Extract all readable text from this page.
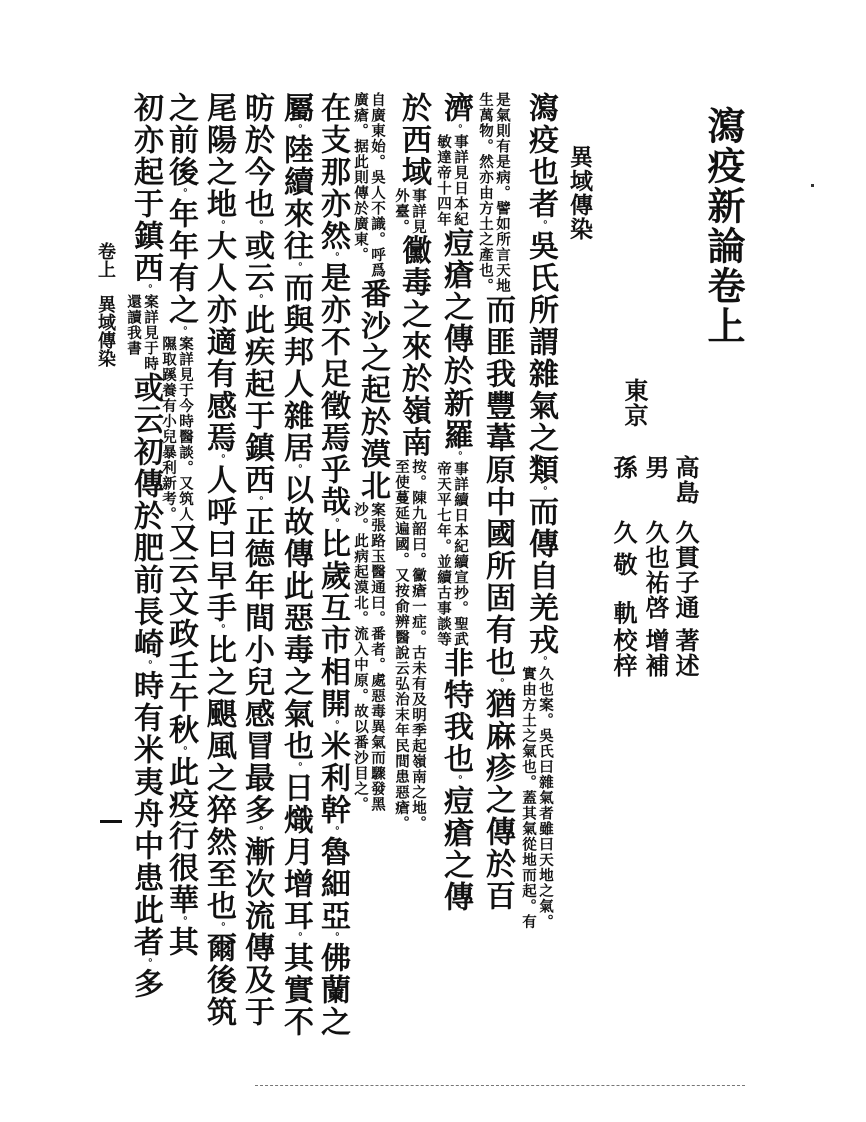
瀉疫新論卷上
東京
高島
久貫子通
著述
男
久也祐啓
增補
孫
久敬 軌
校梓
異域傳染
瀉疫也者。吳氏所謂雜氣之類。而傳自羌戎。
久也案。吳氏曰雜氣者雖曰天地之氣。
實由方土之氣也。蓋其氣從地而起。有
是氣則有是病。譬如所言天地
生萬物。然亦由方土之產也。
而匪我豐葦原中國所固有也。猶麻疹之傳於百
濟。
事詳見日本紀
敏達帝十四年
痘瘡之傳於新羅。
事詳續日本紀續宣抄。聖武
帝天平七年。並續古事談等
非特我也。痘瘡之傳
於西域
事詳見
外臺。
黴毒之來於嶺南
按。陳九韶曰。黴瘡一症。古未有及明季起嶺南之地。
至使蔓延遍國。又按俞辨醫說云弘治末年民間患惡瘡。
自廣東始。吳人不識。呼爲
廣瘡。据此則傳於廣東。
番沙之起於漠北
案張路玉醫通曰。番者。處惡毒異氣而驟發黑
沙。此病起漠北。流入中原。故以番沙目之。
在支那亦然。是亦不足徵焉乎哉。比歲互市相開。米利幹。魯細亞。佛蘭之
屬。陸續來往。而與邦人雜居。以故傳此惡毒之氣也。日熾月增耳。其實不
昉於今也。或云。此疾起于鎮西。正德年間小兒感冒最多。漸次流傳及于
尾陽之地。大人亦適有感焉。人呼曰早手。比之颶風之猝然至也。爾後筑
之前後。年年有之。
案詳見于今時醫談。又筑人
隰取蹊養有小兒暴利新考。
又云文政壬午秋。此疫行很華。其
初亦起于鎮西。
案詳見于時
還讀我書
或云初傳於肥前長崎。時有米夷舟中患此者。多
卷上
異域傳染
